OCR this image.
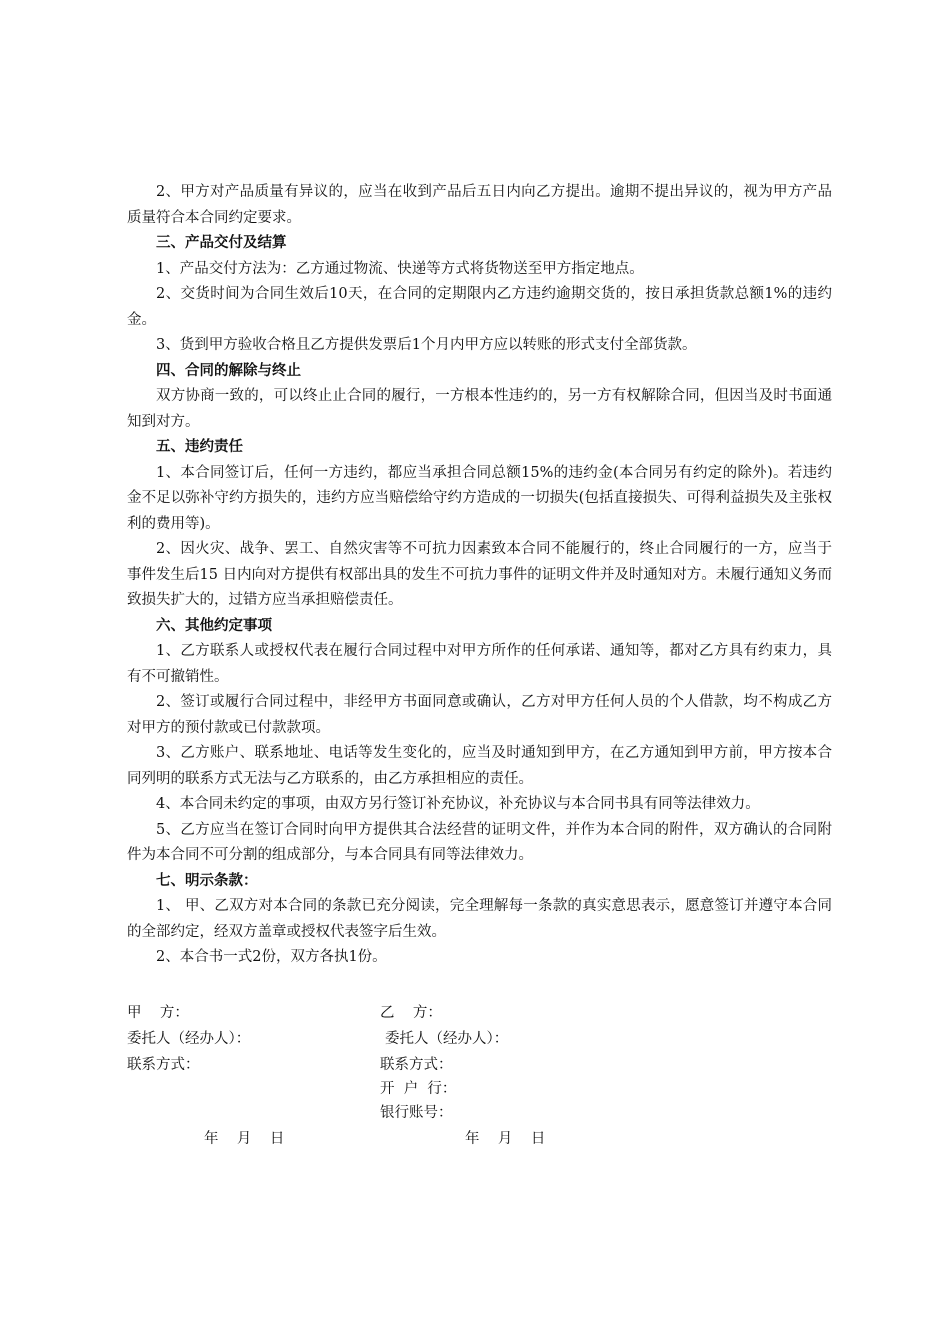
2、甲方对产品质量有异议的，应当在收到产品后五日内向乙方提出。逾期不提出异议的，视为甲方产品质量符合本合同约定要求。

三、产品交付及结算

1、产品交付方法为：乙方通过物流、快递等方式将货物送至甲方指定地点。

2、交货时间为合同生效后10天，在合同的定期限内乙方违约逾期交货的，按日承担货款总额1%的违约金。

3、货到甲方验收合格且乙方提供发票后1个月内甲方应以转账的形式支付全部货款。

四、合同的解除与终止

双方协商一致的，可以终止止合同的履行，一方根本性违约的，另一方有权解除合同，但因当及时书面通知到对方。

五、违约责任

1、本合同签订后，任何一方违约，都应当承担合同总额15%的违约金(本合同另有约定的除外)。若违约金不足以弥补守约方损失的，违约方应当赔偿给守约方造成的一切损失(包括直接损失、可得利益损失及主张权利的费用等)。

2、因火灾、战争、罢工、自然灾害等不可抗力因素致本合同不能履行的，终止合同履行的一方，应当于事件发生后15 日内向对方提供有权部出具的发生不可抗力事件的证明文件并及时通知对方。未履行通知义务而致损失扩大的，过错方应当承担赔偿责任。

六、其他约定事项

1、乙方联系人或授权代表在履行合同过程中对甲方所作的任何承诺、通知等，都对乙方具有约束力，具有不可撤销性。

2、签订或履行合同过程中，非经甲方书面同意或确认，乙方对甲方任何人员的个人借款，均不构成乙方对甲方的预付款或已付款款项。

3、乙方账户、联系地址、电话等发生变化的，应当及时通知到甲方，在乙方通知到甲方前，甲方按本合同列明的联系方式无法与乙方联系的，由乙方承担相应的责任。

4、本合同未约定的事项，由双方另行签订补充协议，补充协议与本合同书具有同等法律效力。

5、乙方应当在签订合同时向甲方提供其合法经营的证明文件，并作为本合同的附件，双方确认的合同附件为本合同不可分割的组成部分，与本合同具有同等法律效力。

七、明示条款：

1、 甲、乙双方对本合同的条款已充分阅读，完全理解每一条款的真实意思表示，愿意签订并遵守本合同的全部约定，经双方盖章或授权代表签字后生效。

2、本合书一式2份，双方各执1份。

甲    方：
委托人（经办人）：
联系方式：
年    月    日
乙    方：
委托人（经办人）：
联系方式：
开  户  行：
银行账号：
年    月    日
